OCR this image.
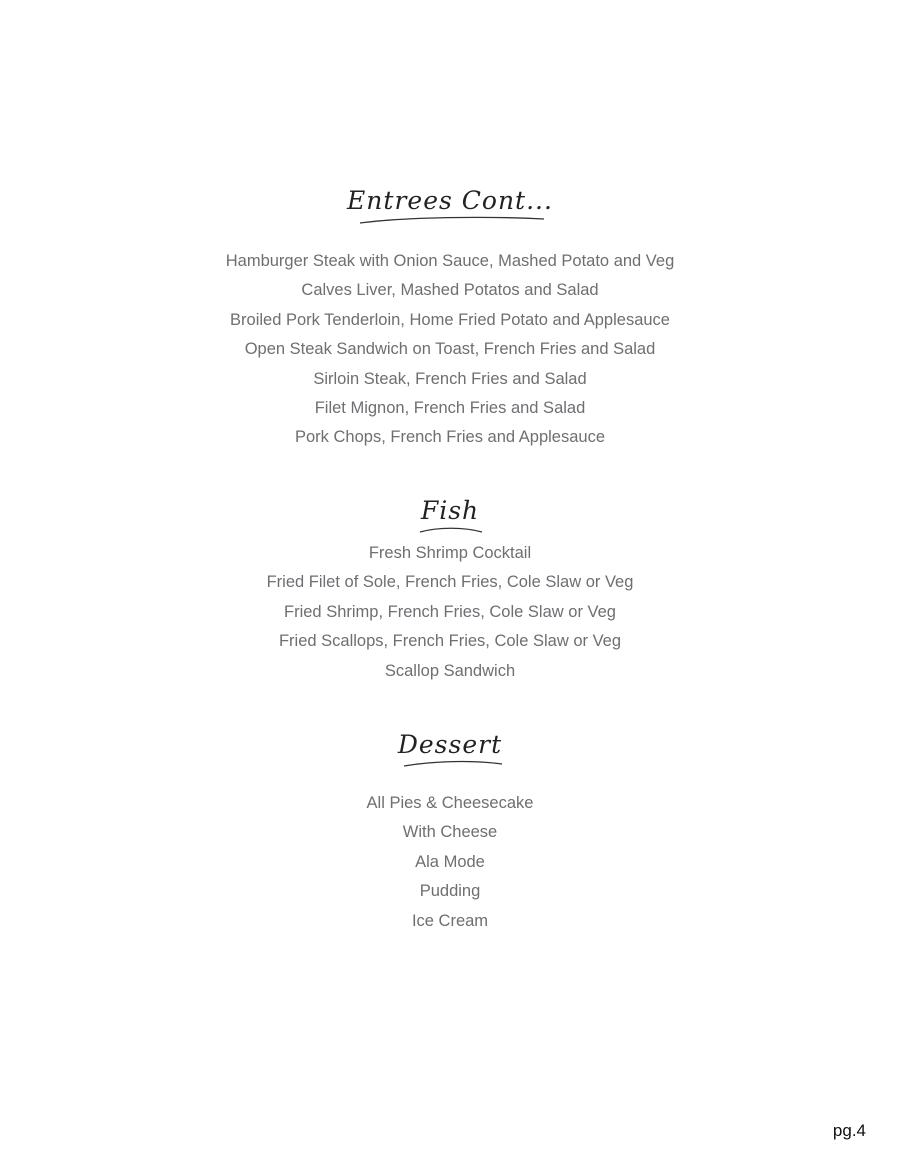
Entrees Cont...
Hamburger Steak with Onion Sauce, Mashed Potato and Veg
Calves Liver, Mashed Potatos and Salad
Broiled Pork Tenderloin, Home Fried Potato and Applesauce
Open Steak Sandwich on Toast, French Fries and Salad
Sirloin Steak, French Fries and Salad
Filet Mignon, French Fries and Salad
Pork Chops, French Fries and Applesauce
Fish
Fresh Shrimp Cocktail
Fried Filet of Sole, French Fries, Cole Slaw or Veg
Fried Shrimp, French Fries, Cole Slaw or Veg
Fried Scallops, French Fries, Cole Slaw or Veg
Scallop Sandwich
Dessert
All Pies & Cheesecake
With Cheese
Ala Mode
Pudding
Ice Cream
pg.4
